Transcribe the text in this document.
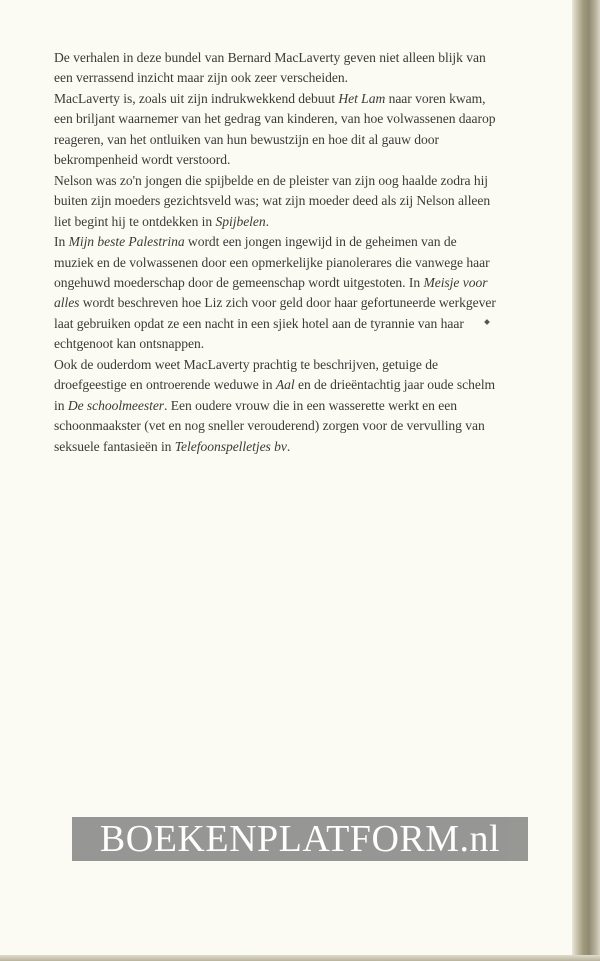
De verhalen in deze bundel van Bernard MacLaverty geven niet alleen blijk van een verrassend inzicht maar zijn ook zeer verscheiden.

MacLaverty is, zoals uit zijn indrukwekkend debuut Het Lam naar voren kwam, een briljant waarnemer van het gedrag van kinderen, van hoe volwassenen daarop reageren, van het ontluiken van hun bewustzijn en hoe dit al gauw door bekrompenheid wordt verstoord.

Nelson was zo'n jongen die spijbelde en de pleister van zijn oog haalde zodra hij buiten zijn moeders gezichtsveld was; wat zijn moeder deed als zij Nelson alleen liet begint hij te ontdekken in Spijbelen.

In Mijn beste Palestrina wordt een jongen ingewijd in de geheimen van de muziek en de volwassenen door een opmerkelijke pianolerares die vanwege haar ongehuwd moederschap door de gemeenschap wordt uitgestoten. In Meisje voor alles wordt beschreven hoe Liz zich voor geld door haar gefortuneerde werkgever laat gebruiken opdat ze een nacht in een sjiek hotel aan de tyrannie van haar echtgenoot kan ontsnappen.

Ook de ouderdom weet MacLaverty prachtig te beschrijven, getuige de droefgeestige en ontroerende weduwe in Aal en de drieëntachtig jaar oude schelm in De schoolmeester. Een oudere vrouw die in een wasserette werkt en een schoonmaakster (vet en nog sneller verouderend) zorgen voor de vervulling van seksuele fantasieën in Telefoonspelletjes bv.

BOEKENPLATFORM.nl
